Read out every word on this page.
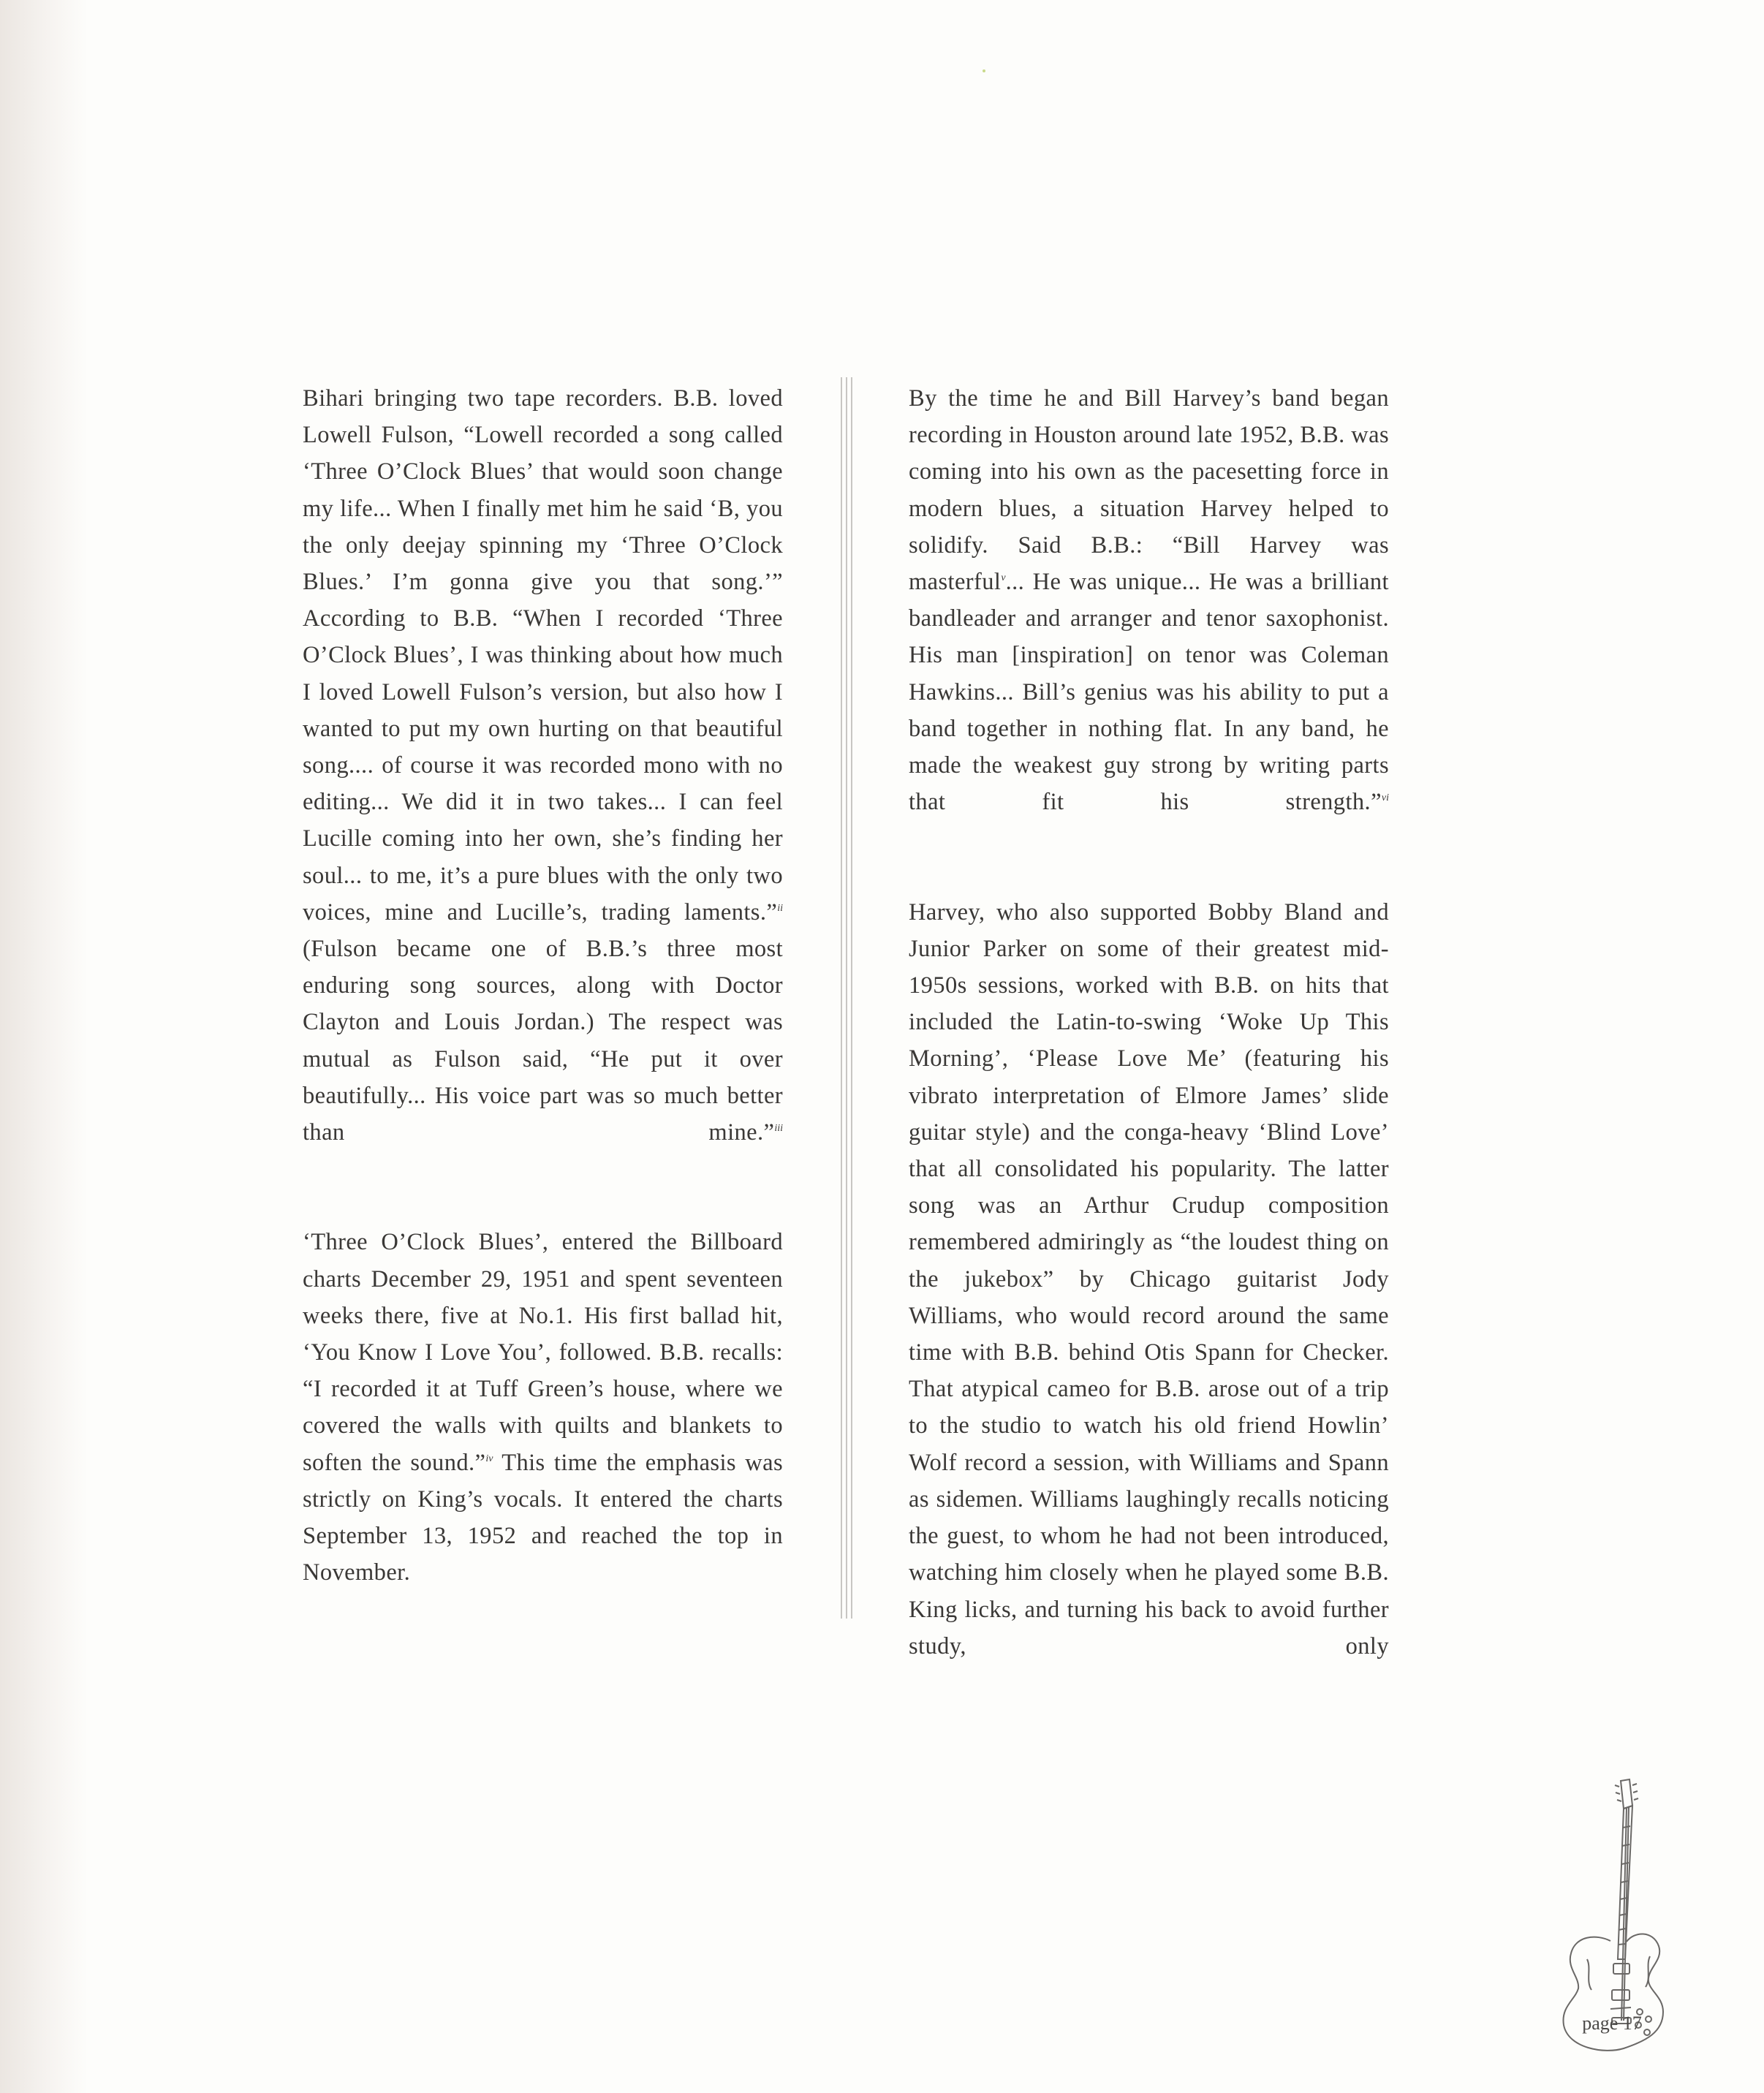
Bihari bringing two tape recorders. B.B. loved Lowell Fulson, “Lowell recorded a song called ‘Three O’Clock Blues’ that would soon change my life... When I finally met him he said ‘B, you the only deejay spinning my ‘Three O’Clock Blues.’ I’m gonna give you that song.’” According to B.B. “When I recorded ‘Three O’Clock Blues’, I was thinking about how much I loved Lowell Fulson’s version, but also how I wanted to put my own hurting on that beautiful song.... of course it was recorded mono with no editing... We did it in two takes... I can feel Lucille coming into her own, she’s finding her soul... to me, it’s a pure blues with the only two voices, mine and Lucille’s, trading laments.”$^{ii}$ (Fulson became one of B.B.’s three most enduring song sources, along with Doctor Clayton and Louis Jordan.) The respect was mutual as Fulson said, “He put it over beautifully... His voice part was so much better than mine.”$^{iii}$

‘Three O’Clock Blues’, entered the Billboard charts December 29, 1951 and spent seventeen weeks there, five at No.1. His first ballad hit, ‘You Know I Love You’, followed. B.B. recalls: “I recorded it at Tuff Green’s house, where we covered the walls with quilts and blankets to soften the sound.”$^{iv}$ This time the emphasis was strictly on King’s vocals. It entered the charts September 13, 1952 and reached the top in November.

By the time he and Bill Harvey’s band began recording in Houston around late 1952, B.B. was coming into his own as the pacesetting force in modern blues, a situation Harvey helped to solidify. Said B.B.: “Bill Harvey was masterful$^v$... He was unique... He was a brilliant bandleader and arranger and tenor saxophonist. His man [inspiration] on tenor was Coleman Hawkins... Bill’s genius was his ability to put a band together in nothing flat. In any band, he made the weakest guy strong by writing parts that fit his strength.”$^{vi}$

Harvey, who also supported Bobby Bland and Junior Parker on some of their greatest mid-1950s sessions, worked with B.B. on hits that included the Latin-to-swing ‘Woke Up This Morning’, ‘Please Love Me’ (featuring his vibrato interpretation of Elmore James’ slide guitar style) and the conga-heavy ‘Blind Love’ that all consolidated his popularity. The latter song was an Arthur Crudup composition remembered admiringly as “the loudest thing on the jukebox” by Chicago guitarist Jody Williams, who would record around the same time with B.B. behind Otis Spann for Checker. That atypical cameo for B.B. arose out of a trip to the studio to watch his old friend Howlin’ Wolf record a session, with Williams and Spann as sidemen. Williams laughingly recalls noticing the guest, to whom he had not been introduced, watching him closely when he played some B.B. King licks, and turning his back to avoid further study, only

page 17
